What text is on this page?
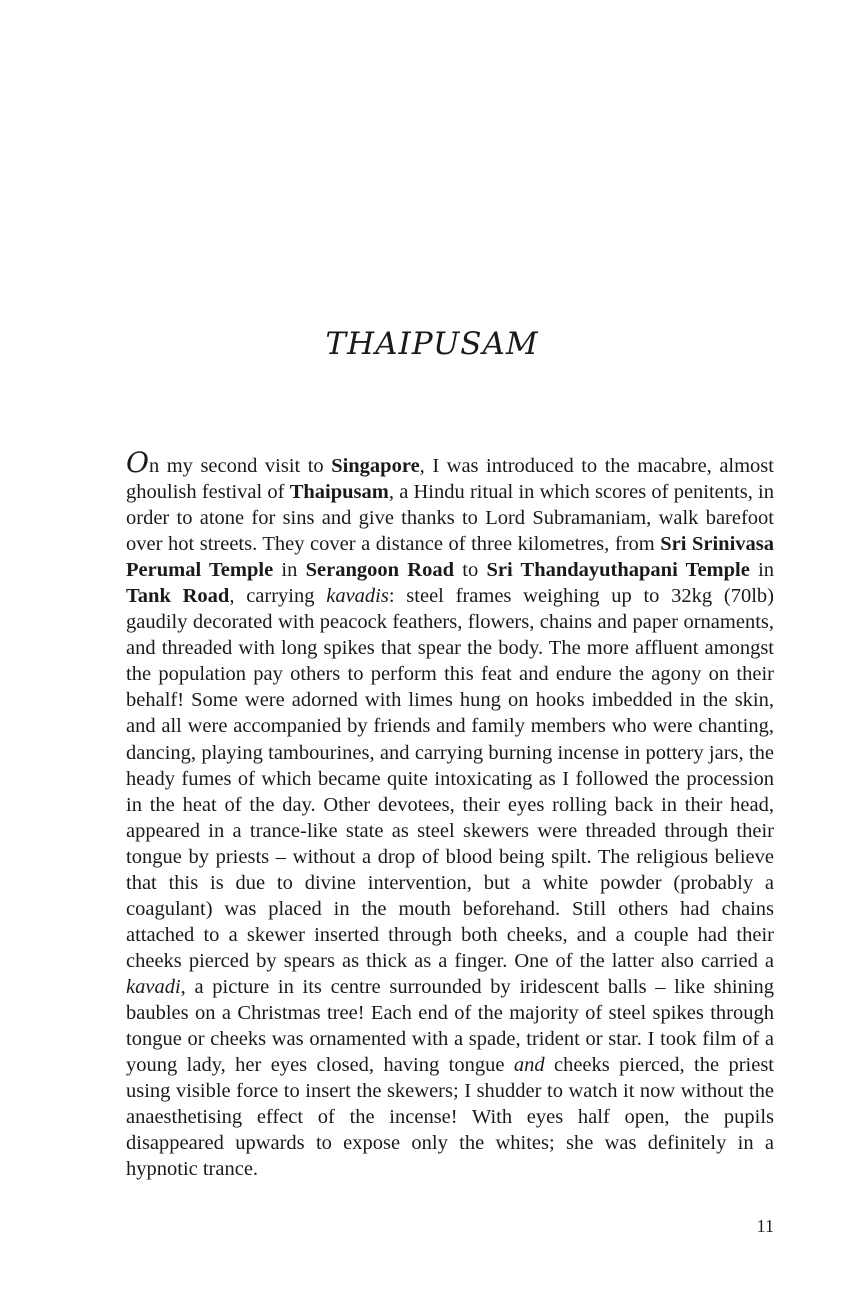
THAIPUSAM

On my second visit to Singapore, I was introduced to the macabre, almost ghoulish festival of Thaipusam, a Hindu ritual in which scores of penitents, in order to atone for sins and give thanks to Lord Subramaniam, walk barefoot over hot streets. They cover a distance of three kilometres, from Sri Srinivasa Perumal Temple in Serangoon Road to Sri Thandayuthapani Temple in Tank Road, carrying kavadis: steel frames weighing up to 32kg (70lb) gaudily decorated with peacock feathers, flowers, chains and paper ornaments, and threaded with long spikes that spear the body. The more affluent amongst the population pay others to perform this feat and endure the agony on their behalf! Some were adorned with limes hung on hooks imbedded in the skin, and all were accompanied by friends and family members who were chanting, dancing, playing tambourines, and carrying burning incense in pottery jars, the heady fumes of which became quite intoxicating as I followed the procession in the heat of the day. Other devotees, their eyes rolling back in their head, appeared in a trance-like state as steel skewers were threaded through their tongue by priests – without a drop of blood being spilt. The religious believe that this is due to divine intervention, but a white powder (probably a coagulant) was placed in the mouth beforehand. Still others had chains attached to a skewer inserted through both cheeks, and a couple had their cheeks pierced by spears as thick as a finger. One of the latter also carried a kavadi, a picture in its centre surrounded by iridescent balls – like shining baubles on a Christmas tree! Each end of the majority of steel spikes through tongue or cheeks was ornamented with a spade, trident or star. I took film of a young lady, her eyes closed, having tongue and cheeks pierced, the priest using visible force to insert the skewers; I shudder to watch it now without the anaesthetising effect of the incense! With eyes half open, the pupils disappeared upwards to expose only the whites; she was definitely in a hypnotic trance.

11
